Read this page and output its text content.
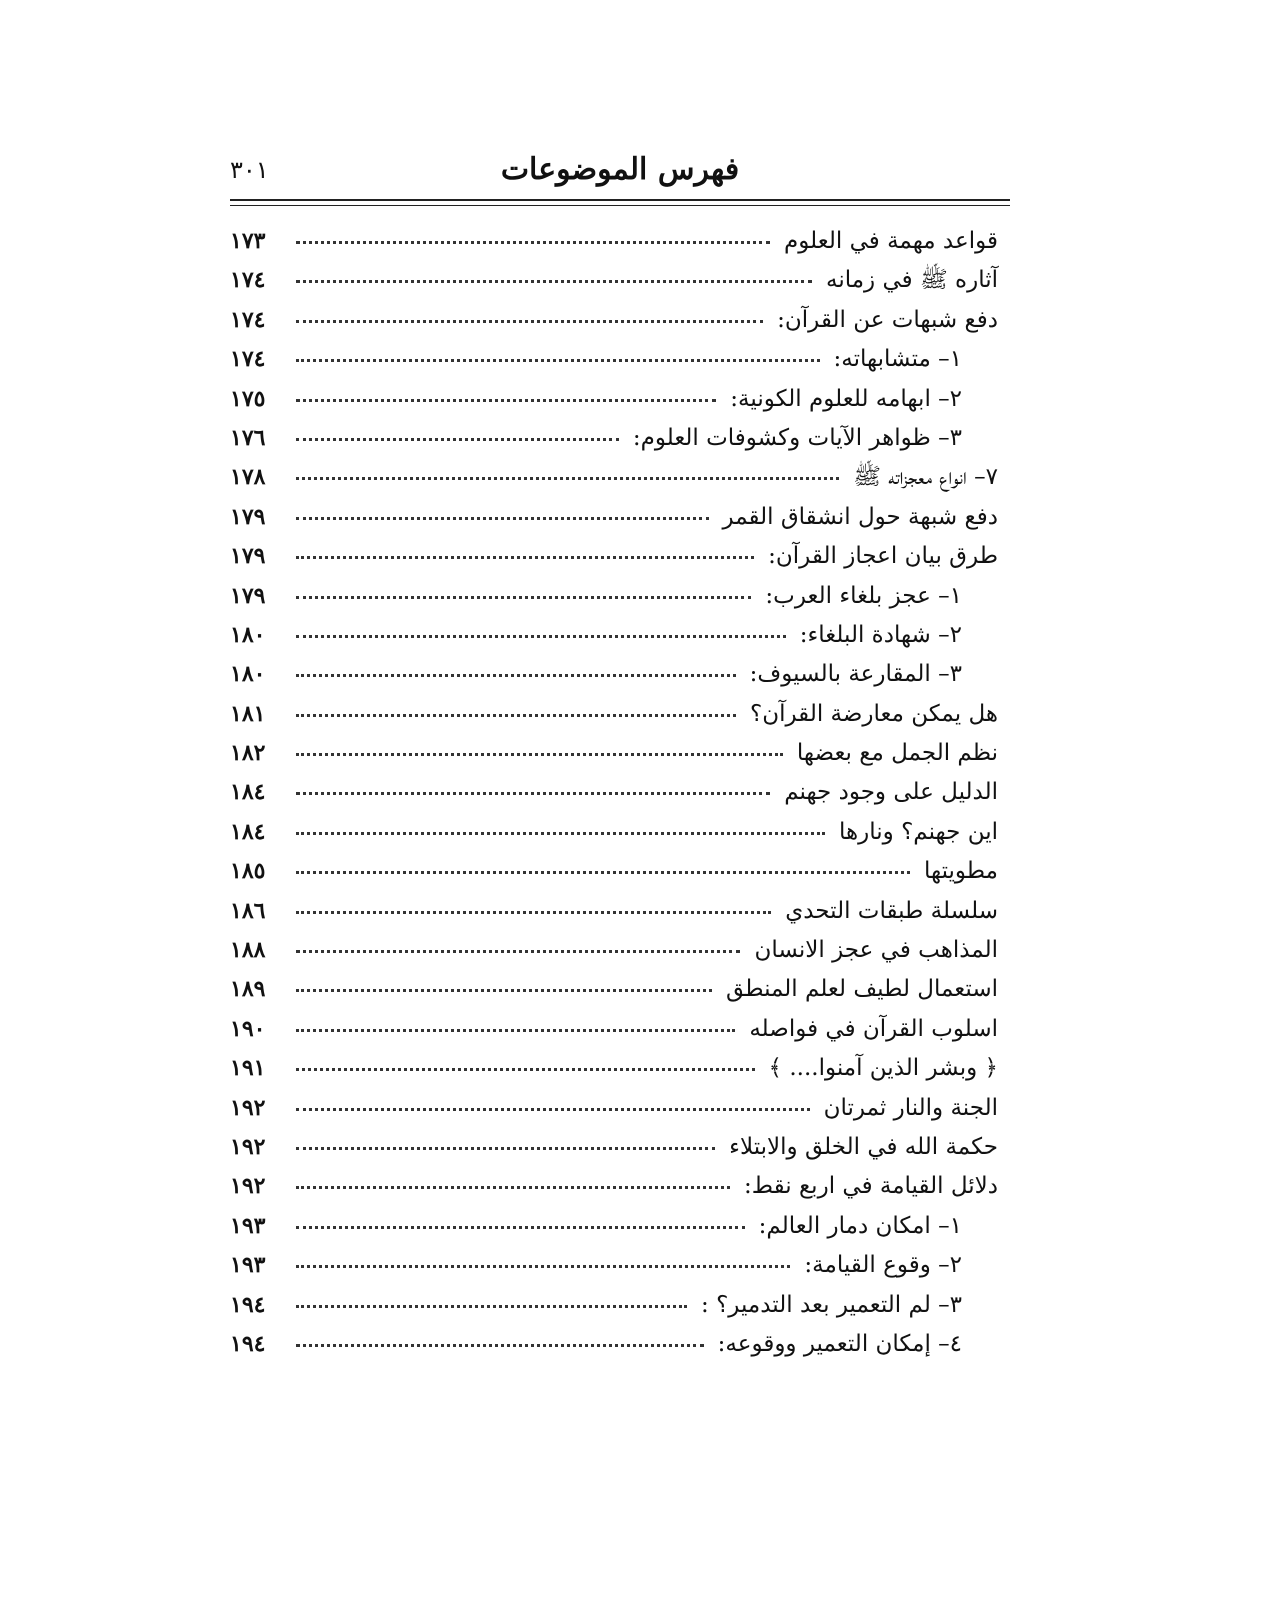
فهرس الموضوعات
٣٠١
قواعد مهمة في العلوم
١٧٣
آثاره ﷺ في زمانه
١٧٤
دفع شبهات عن القرآن:
١٧٤
١– متشابهاته:
١٧٤
٢– ابهامه للعلوم الكونية:
١٧٥
٣– ظواهر الآيات وكشوفات العلوم:
١٧٦
٧– انواع معجزاته ﷺ
١٧٨
دفع شبهة حول انشقاق القمر
١٧٩
طرق بيان اعجاز القرآن:
١٧٩
١– عجز بلغاء العرب:
١٧٩
٢– شهادة البلغاء:
١٨٠
٣– المقارعة بالسيوف:
١٨٠
هل يمكن معارضة القرآن؟
١٨١
نظم الجمل مع بعضها
١٨٢
الدليل على وجود جهنم
١٨٤
اين جهنم؟ ونارها
١٨٤
مطويتها
١٨٥
سلسلة طبقات التحدي
١٨٦
المذاهب في عجز الانسان
١٨٨
استعمال لطيف لعلم المنطق
١٨٩
اسلوب القرآن في فواصله
١٩٠
﴿ وبشر الذين آمنوا.... ﴾
١٩١
الجنة والنار ثمرتان
١٩٢
حكمة الله في الخلق والابتلاء
١٩٢
دلائل القيامة في اربع نقط:
١٩٢
١– امكان دمار العالم:
١٩٣
٢– وقوع القيامة:
١٩٣
٣– لم التعمير بعد التدمير؟ :
١٩٤
٤– إمكان التعمير ووقوعه:
١٩٤
